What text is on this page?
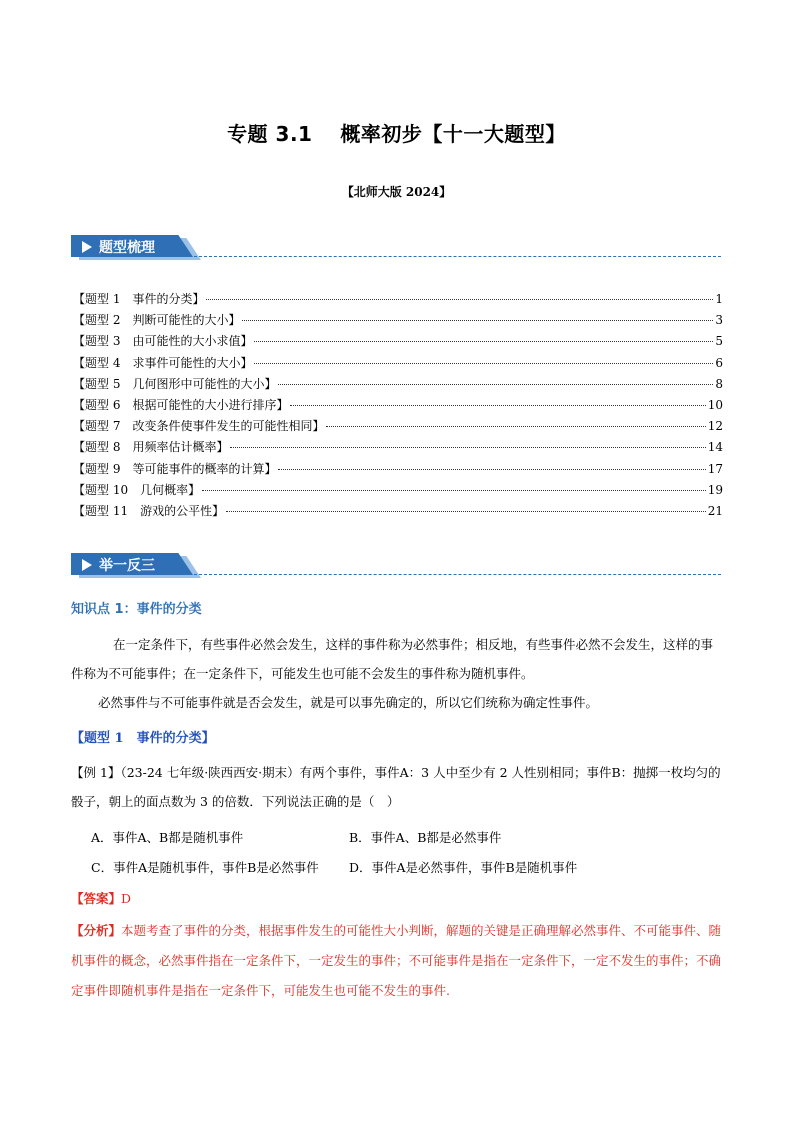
专题 3.1　 概率初步【十一大题型】
【北师大版 2024】
题型梳理
【题型 1　事件的分类】	1
【题型 2　判断可能性的大小】	3
【题型 3　由可能性的大小求值】	5
【题型 4　求事件可能性的大小】	6
【题型 5　几何图形中可能性的大小】	8
【题型 6　根据可能性的大小进行排序】	10
【题型 7　改变条件使事件发生的可能性相同】	12
【题型 8　用频率估计概率】	14
【题型 9　等可能事件的概率的计算】	17
【题型 10　几何概率】	19
【题型 11　游戏的公平性】	21
举一反三
知识点 1：事件的分类
在一定条件下，有些事件必然会发生，这样的事件称为必然事件；相反地，有些事件必然不会发生，这样的事件称为不可能事件；在一定条件下，可能发生也可能不会发生的事件称为随机事件。
必然事件与不可能事件就是否会发生，就是可以事先确定的，所以它们统称为确定性事件。
【题型 1　事件的分类】
【例 1】（23-24 七年级·陕西西安·期末）有两个事件，事件A：3 人中至少有 2 人性别相同；事件B：抛掷一枚均匀的骰子，朝上的面点数为 3 的倍数．下列说法正确的是（　）
A．事件A、B都是随机事件	B．事件A、B都是必然事件
C．事件A是随机事件，事件B是必然事件 D．事件A是必然事件，事件B是随机事件
【答案】D
【分析】本题考查了事件的分类，根据事件发生的可能性大小判断，解题的关键是正确理解必然事件、不可能事件、随机事件的概念，必然事件指在一定条件下，一定发生的事件；不可能事件是指在一定条件下，一定不发生的事件；不确定事件即随机事件是指在一定条件下，可能发生也可能不发生的事件.
